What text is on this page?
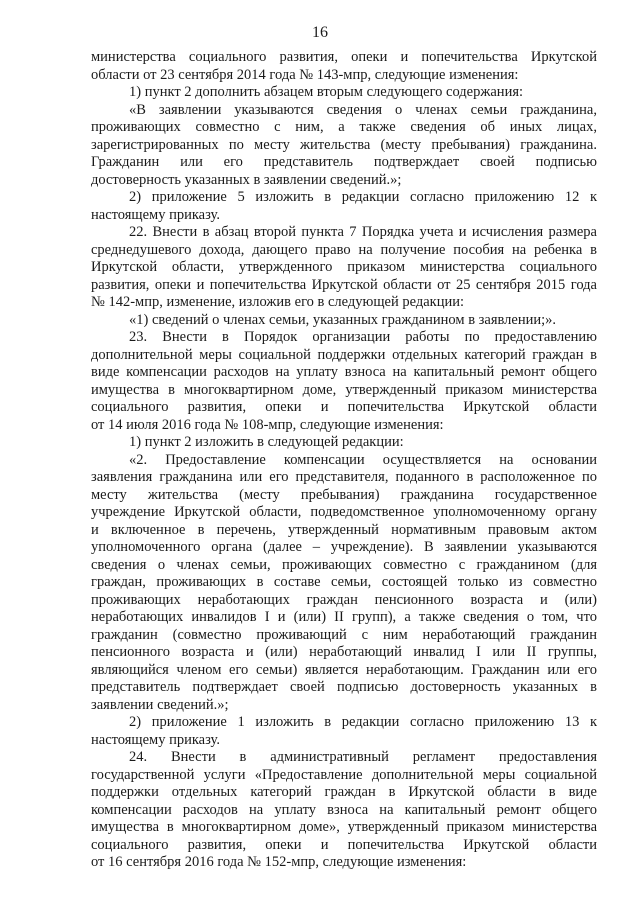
16
министерства социального развития, опеки и попечительства Иркутской
области от 23 сентября 2014 года № 143-мпр, следующие изменения:
1) пункт 2 дополнить абзацем вторым следующего содержания:
«В заявлении указываются сведения о членах семьи гражданина,
проживающих совместно с ним, а также сведения об иных лицах,
зарегистрированных по месту жительства (месту пребывания) гражданина.
Гражданин или его представитель подтверждает своей подписью
достоверность указанных в заявлении сведений.»;
2) приложение 5 изложить в редакции согласно приложению 12 к
настоящему приказу.
22. Внести в абзац второй пункта 7 Порядка учета и исчисления размера
среднедушевого дохода, дающего право на получение пособия на ребенка в
Иркутской области, утвержденного приказом министерства социального
развития, опеки и попечительства Иркутской области от 25 сентября 2015 года
№ 142-мпр, изменение, изложив его в следующей редакции:
«1) сведений о членах семьи, указанных гражданином в заявлении;».
23. Внести в Порядок организации работы по предоставлению
дополнительной меры социальной поддержки отдельных категорий граждан в
виде компенсации расходов на уплату взноса на капитальный ремонт общего
имущества в многоквартирном доме, утвержденный приказом министерства
социального развития, опеки и попечительства Иркутской области
от 14 июля 2016 года № 108-мпр, следующие изменения:
1) пункт 2 изложить в следующей редакции:
«2. Предоставление компенсации осуществляется на основании
заявления гражданина или его представителя, поданного в расположенное по
месту жительства (месту пребывания) гражданина государственное
учреждение Иркутской области, подведомственное уполномоченному органу
и включенное в перечень, утвержденный нормативным правовым актом
уполномоченного органа (далее – учреждение). В заявлении указываются
сведения о членах семьи, проживающих совместно с гражданином (для
граждан, проживающих в составе семьи, состоящей только из совместно
проживающих неработающих граждан пенсионного возраста и (или)
неработающих инвалидов I и (или) II групп), а также сведения о том, что
гражданин (совместно проживающий с ним неработающий гражданин
пенсионного возраста и (или) неработающий инвалид I или II группы,
являющийся членом его семьи) является неработающим. Гражданин или его
представитель подтверждает своей подписью достоверность указанных в
заявлении сведений.»;
2) приложение 1 изложить в редакции согласно приложению 13 к
настоящему приказу.
24. Внести в административный регламент предоставления
государственной услуги «Предоставление дополнительной меры социальной
поддержки отдельных категорий граждан в Иркутской области в виде
компенсации расходов на уплату взноса на капитальный ремонт общего
имущества в многоквартирном доме», утвержденный приказом министерства
социального развития, опеки и попечительства Иркутской области
от 16 сентября 2016 года № 152-мпр, следующие изменения:
